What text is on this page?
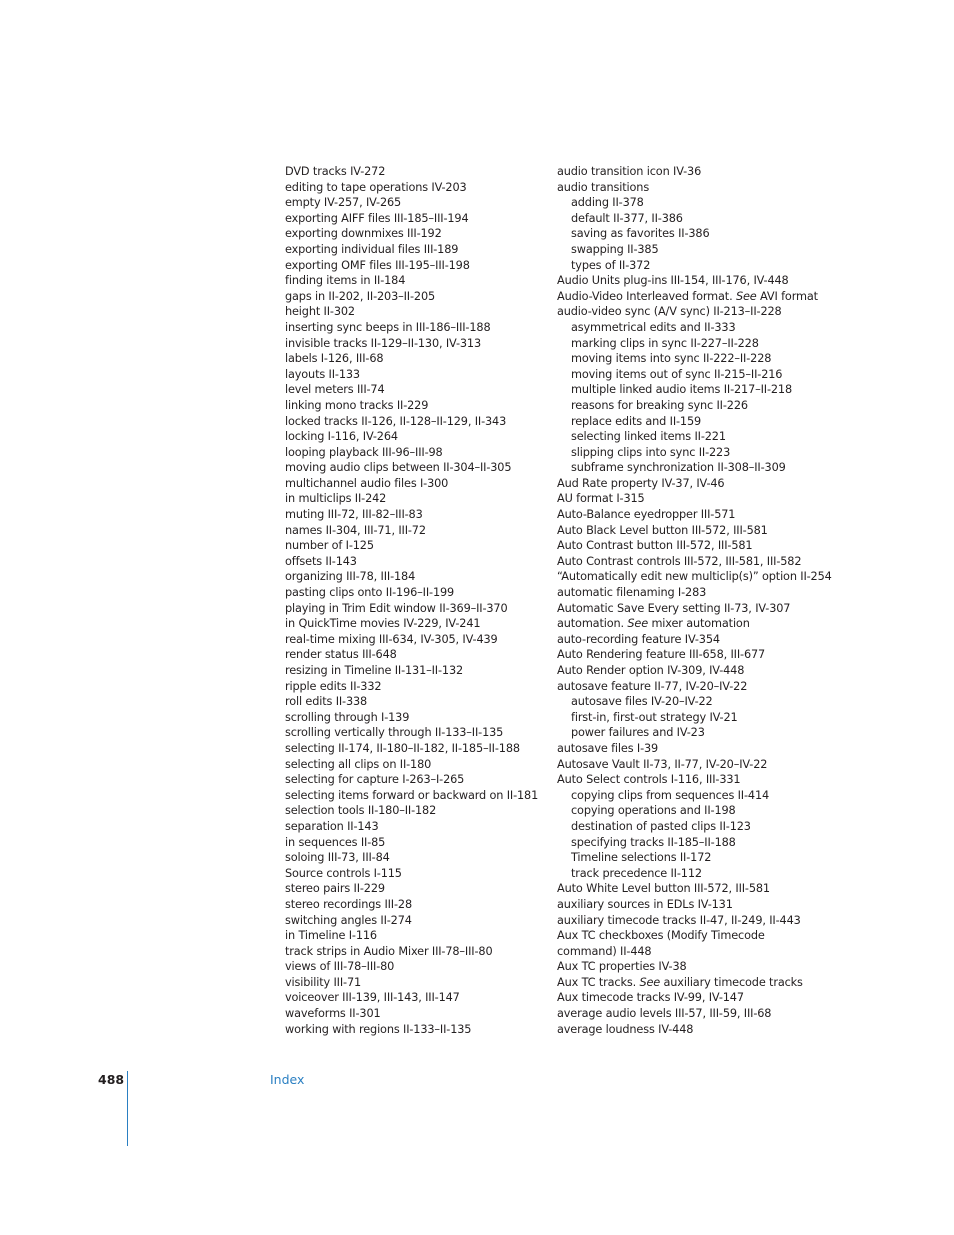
DVD tracks IV-272
editing to tape operations IV-203
empty IV-257, IV-265
exporting AIFF files III-185–III-194
exporting downmixes III-192
exporting individual files III-189
exporting OMF files III-195–III-198
finding items in II-184
gaps in II-202, II-203–II-205
height II-302
inserting sync beeps in III-186–III-188
invisible tracks II-129–II-130, IV-313
labels I-126, III-68
layouts II-133
level meters III-74
linking mono tracks II-229
locked tracks II-126, II-128–II-129, II-343
locking I-116, IV-264
looping playback III-96–III-98
moving audio clips between II-304–II-305
multichannel audio files I-300
in multiclips II-242
muting III-72, III-82–III-83
names II-304, III-71, III-72
number of I-125
offsets II-143
organizing III-78, III-184
pasting clips onto II-196–II-199
playing in Trim Edit window II-369–II-370
in QuickTime movies IV-229, IV-241
real-time mixing III-634, IV-305, IV-439
render status III-648
resizing in Timeline II-131–II-132
ripple edits II-332
roll edits II-338
scrolling through I-139
scrolling vertically through II-133–II-135
selecting II-174, II-180–II-182, II-185–II-188
selecting all clips on II-180
selecting for capture I-263–I-265
selecting items forward or backward on II-181
selection tools II-180–II-182
separation II-143
in sequences II-85
soloing III-73, III-84
Source controls I-115
stereo pairs II-229
stereo recordings III-28
switching angles II-274
in Timeline I-116
track strips in Audio Mixer III-78–III-80
views of III-78–III-80
visibility III-71
voiceover III-139, III-143, III-147
waveforms II-301
working with regions II-133–II-135
audio transition icon IV-36
audio transitions
adding II-378
default II-377, II-386
saving as favorites II-386
swapping II-385
types of II-372
Audio Units plug-ins III-154, III-176, IV-448
Audio-Video Interleaved format. See AVI format
audio-video sync (A/V sync) II-213–II-228
asymmetrical edits and II-333
marking clips in sync II-227–II-228
moving items into sync II-222–II-228
moving items out of sync II-215–II-216
multiple linked audio items II-217–II-218
reasons for breaking sync II-226
replace edits and II-159
selecting linked items II-221
slipping clips into sync II-223
subframe synchronization II-308–II-309
Aud Rate property IV-37, IV-46
AU format I-315
Auto-Balance eyedropper III-571
Auto Black Level button III-572, III-581
Auto Contrast button III-572, III-581
Auto Contrast controls III-572, III-581, III-582
“Automatically edit new multiclip(s)” option II-254
automatic filenaming I-283
Automatic Save Every setting II-73, IV-307
automation. See mixer automation
auto-recording feature IV-354
Auto Rendering feature III-658, III-677
Auto Render option IV-309, IV-448
autosave feature II-77, IV-20–IV-22
autosave files IV-20–IV-22
first-in, first-out strategy IV-21
power failures and IV-23
autosave files I-39
Autosave Vault II-73, II-77, IV-20–IV-22
Auto Select controls I-116, III-331
copying clips from sequences II-414
copying operations and II-198
destination of pasted clips II-123
specifying tracks II-185–II-188
Timeline selections II-172
track precedence II-112
Auto White Level button III-572, III-581
auxiliary sources in EDLs IV-131
auxiliary timecode tracks II-47, II-249, II-443
Aux TC checkboxes (Modify Timecode
command) II-448
Aux TC properties IV-38
Aux TC tracks. See auxiliary timecode tracks
Aux timecode tracks IV-99, IV-147
average audio levels III-57, III-59, III-68
average loudness IV-448
488	Index
